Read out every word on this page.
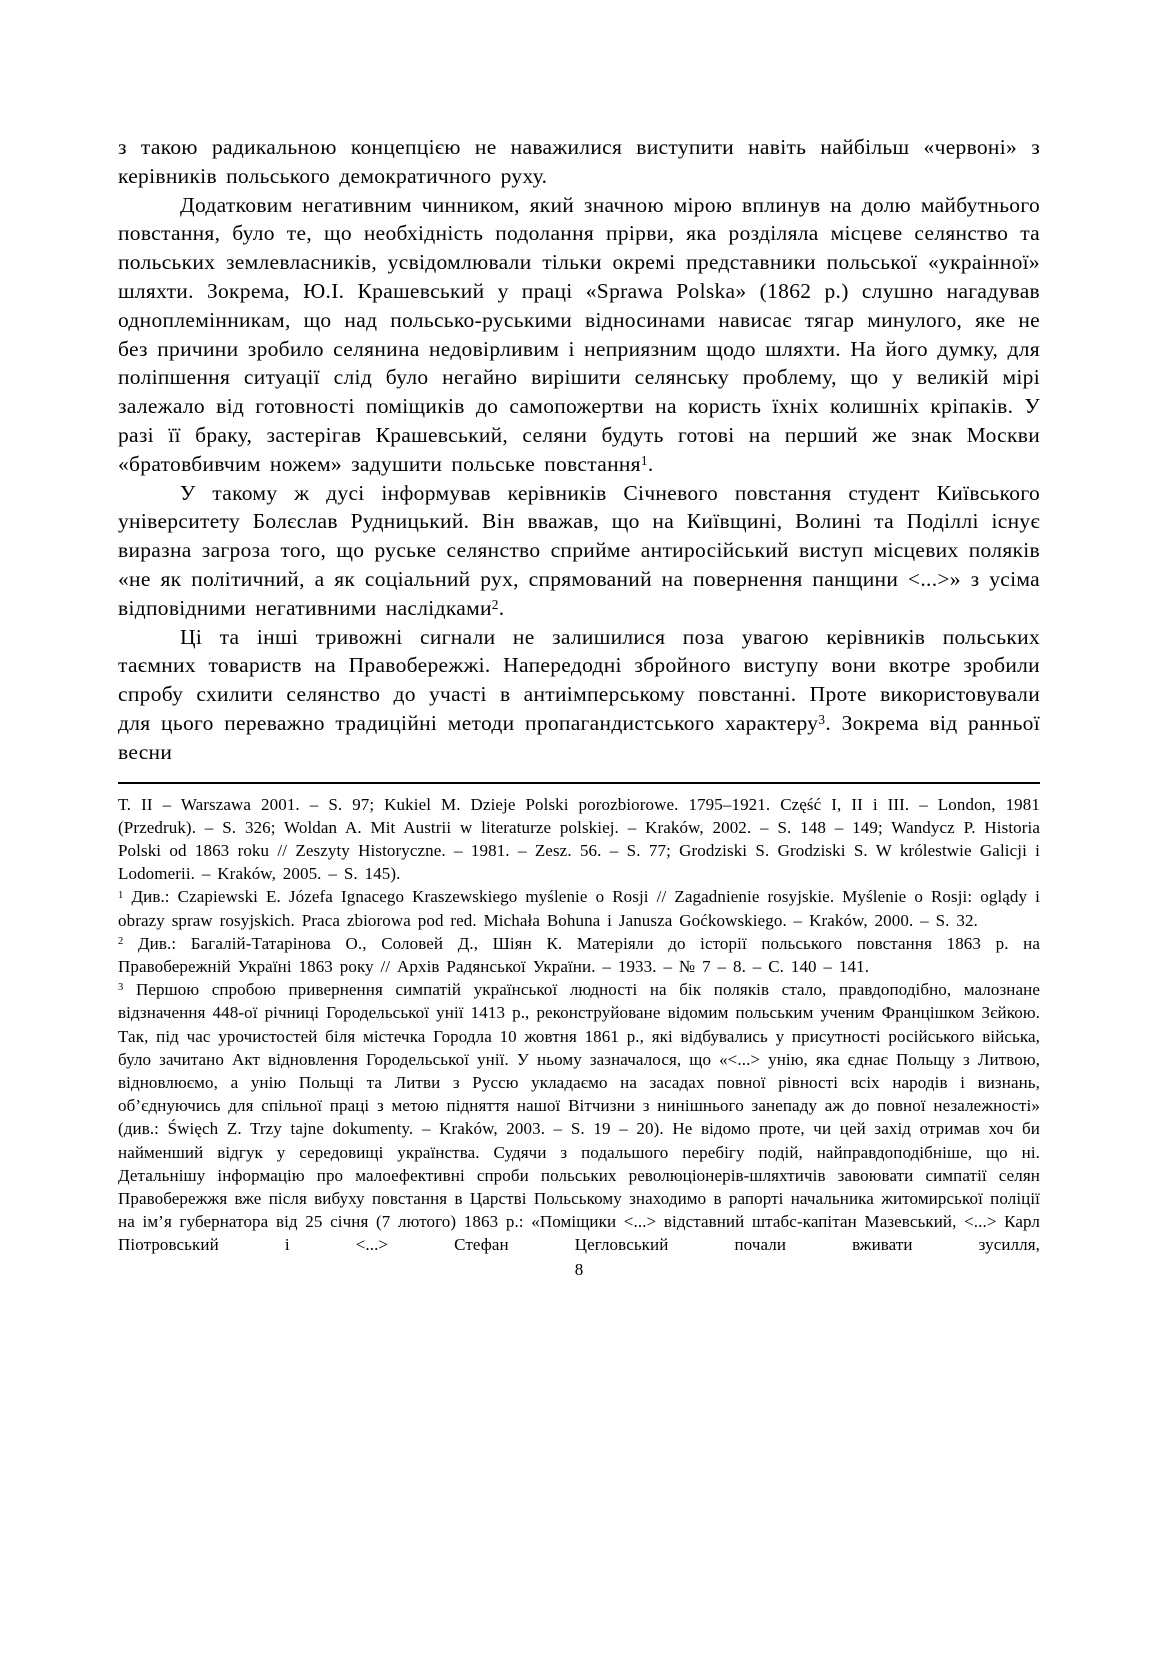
з такою радикальною концепцією не наважилися виступити навіть найбільш «червоні» з керівників польського демократичного руху.

Додатковим негативним чинником, який значною мірою вплинув на долю майбутнього повстання, було те, що необхідність подолання прірви, яка розділяла місцеве селянство та польських землевласників, усвідомлювали тільки окремі представники польської «украінної» шляхти. Зокрема, Ю.І. Крашевський у праці «Sprawa Polska» (1862 р.) слушно нагадував одноплемінникам, що над польсько-руськими відносинами нависає тягар минулого, яке не без причини зробило селянина недовірливим і неприязним щодо шляхти. На його думку, для поліпшення ситуації слід було негайно вирішити селянську проблему, що у великій мірі залежало від готовності поміщиків до самопожертви на користь їхніх колишніх кріпаків. У разі її браку, застерігав Крашевський, селяни будуть готові на перший же знак Москви «братовбивчим ножем» задушити польське повстання$^1$.

У такому ж дусі інформував керівників Січневого повстання студент Київського університету Болєслав Рудницький. Він вважав, що на Київщині, Волині та Поділлі існує виразна загроза того, що руське селянство сприйме антиросійський виступ місцевих поляків «не як політичний, а як соціальний рух, спрямований на повернення панщини <...>» з усіма відповідними негативними наслідками$^2$.

Ці та інші тривожні сигнали не залишилися поза увагою керівників польських таємних товариств на Правобережжі. Напередодні збройного виступу вони вкотре зробили спробу схилити селянство до участі в антиімперському повстанні. Проте використовували для цього переважно традиційні методи пропагандистського характеру$^3$. Зокрема від ранньої весни

Т. II – Warszawa 2001. – S. 97; Kukiel M. Dzieje Polski porozbiorowe. 1795–1921. Część I, II i III. – London, 1981 (Przedruk). – S. 326; Woldan A. Mit Austrii w literaturze polskiej. – Kraków, 2002. – S. 148 – 149; Wandycz P. Historia Polski od 1863 roku // Zeszyty Historyczne. – 1981. – Zesz. 56. – S. 77; Grodziski S. Grodziski S. W królestwie Galicji i Lodomerii. – Kraków, 2005. – S. 145).

$^1$ Див.: Czapiewski E. Józefa Ignacego Kraszewskiego myślenie o Rosji // Zagadnienie rosyjskie. Myślenie o Rosji: oglądy i obrazy spraw rosyjskich. Praca zbiorowa pod red. Michała Bohuna i Janusza Goćkowskiego. – Kraków, 2000. – S. 32.

$^2$ Див.: Багалій-Татарінова О., Соловей Д., Шіян К. Матеріяли до історії польського повстання 1863 р. на Правобережній Україні 1863 року // Архів Радянської України. – 1933. – № 7 – 8. – С. 140 – 141.

$^3$ Першою спробою привернення симпатій української людності на бік поляків стало, правдоподібно, малознане відзначення 448-ої річниці Городельської унії 1413 р., реконструйоване відомим польським ученим Францішком Зєйкою. Так, під час урочистостей біля містечка Городла 10 жовтня 1861 р., які відбувались у присутності російського війська, було зачитано Акт відновлення Городельської унії. У ньому зазначалося, що «<...> унію, яка єднає Польщу з Литвою, відновлюємо, а унію Польщі та Литви з Руссю укладаємо на засадах повної рівності всіх народів і визнань, об’єднуючись для спільної праці з метою підняття нашої Вітчизни з нинішнього занепаду аж до повної незалежності» (див.: Święch Z. Trzy tajne dokumenty. – Kraków, 2003. – S. 19 – 20). Не відомо проте, чи цей захід отримав хоч би найменший відгук у середовищі українства. Судячи з подальшого перебігу подій, найправдоподібніше, що ні. Детальнішу інформацію про малоефективні спроби польських революціонерів-шляхтичів завоювати симпатії селян Правобережжя вже після вибуху повстання в Царстві Польському знаходимо в рапорті начальника житомирської поліції на ім’я губернатора від 25 січня (7 лютого) 1863 р.: «Поміщики <...> відставний штабс-капітан Мазевський, <...> Карл Піотровський і <...> Стефан Цегловський почали вживати зусилля,

8
